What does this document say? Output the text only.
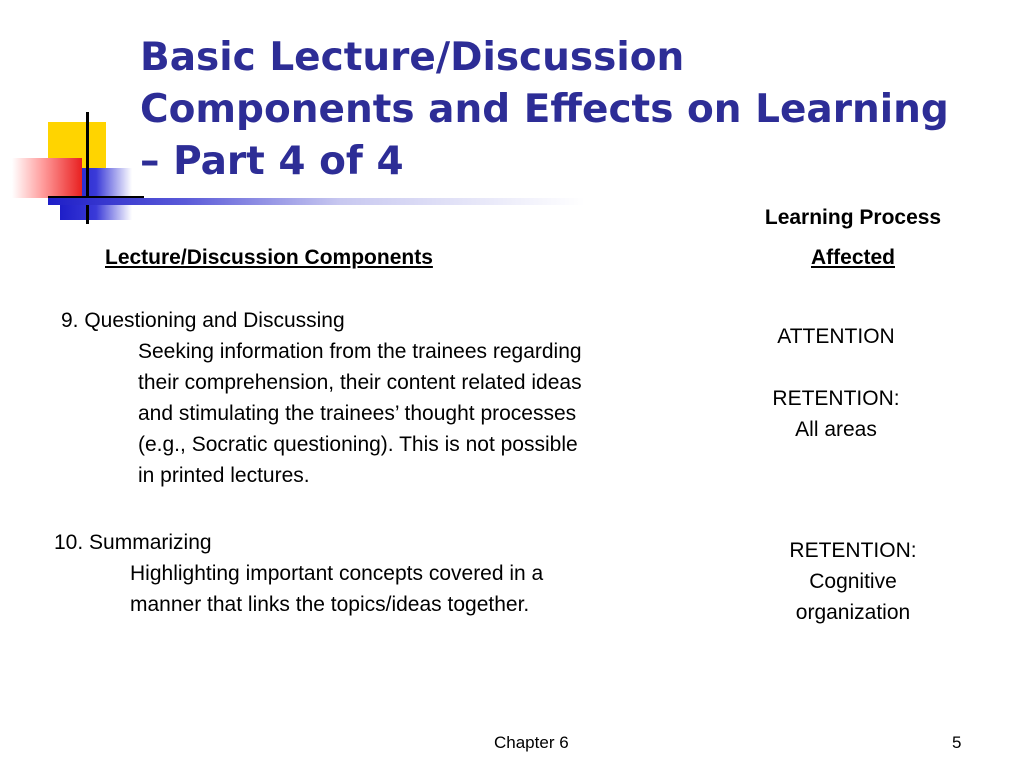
Basic Lecture/Discussion
Components and Effects on Learning
– Part 4 of 4
Learning Process
Affected
Lecture/Discussion Components
9. Questioning and Discussing
Seeking information from the trainees regarding
their comprehension, their content related ideas
and stimulating the trainees’ thought processes
(e.g., Socratic questioning). This is not possible
in printed lectures.
ATTENTION
RETENTION:
All areas
10. Summarizing
Highlighting important concepts covered in a
manner that links the topics/ideas together.
RETENTION:
Cognitive
organization
Chapter 6	5
